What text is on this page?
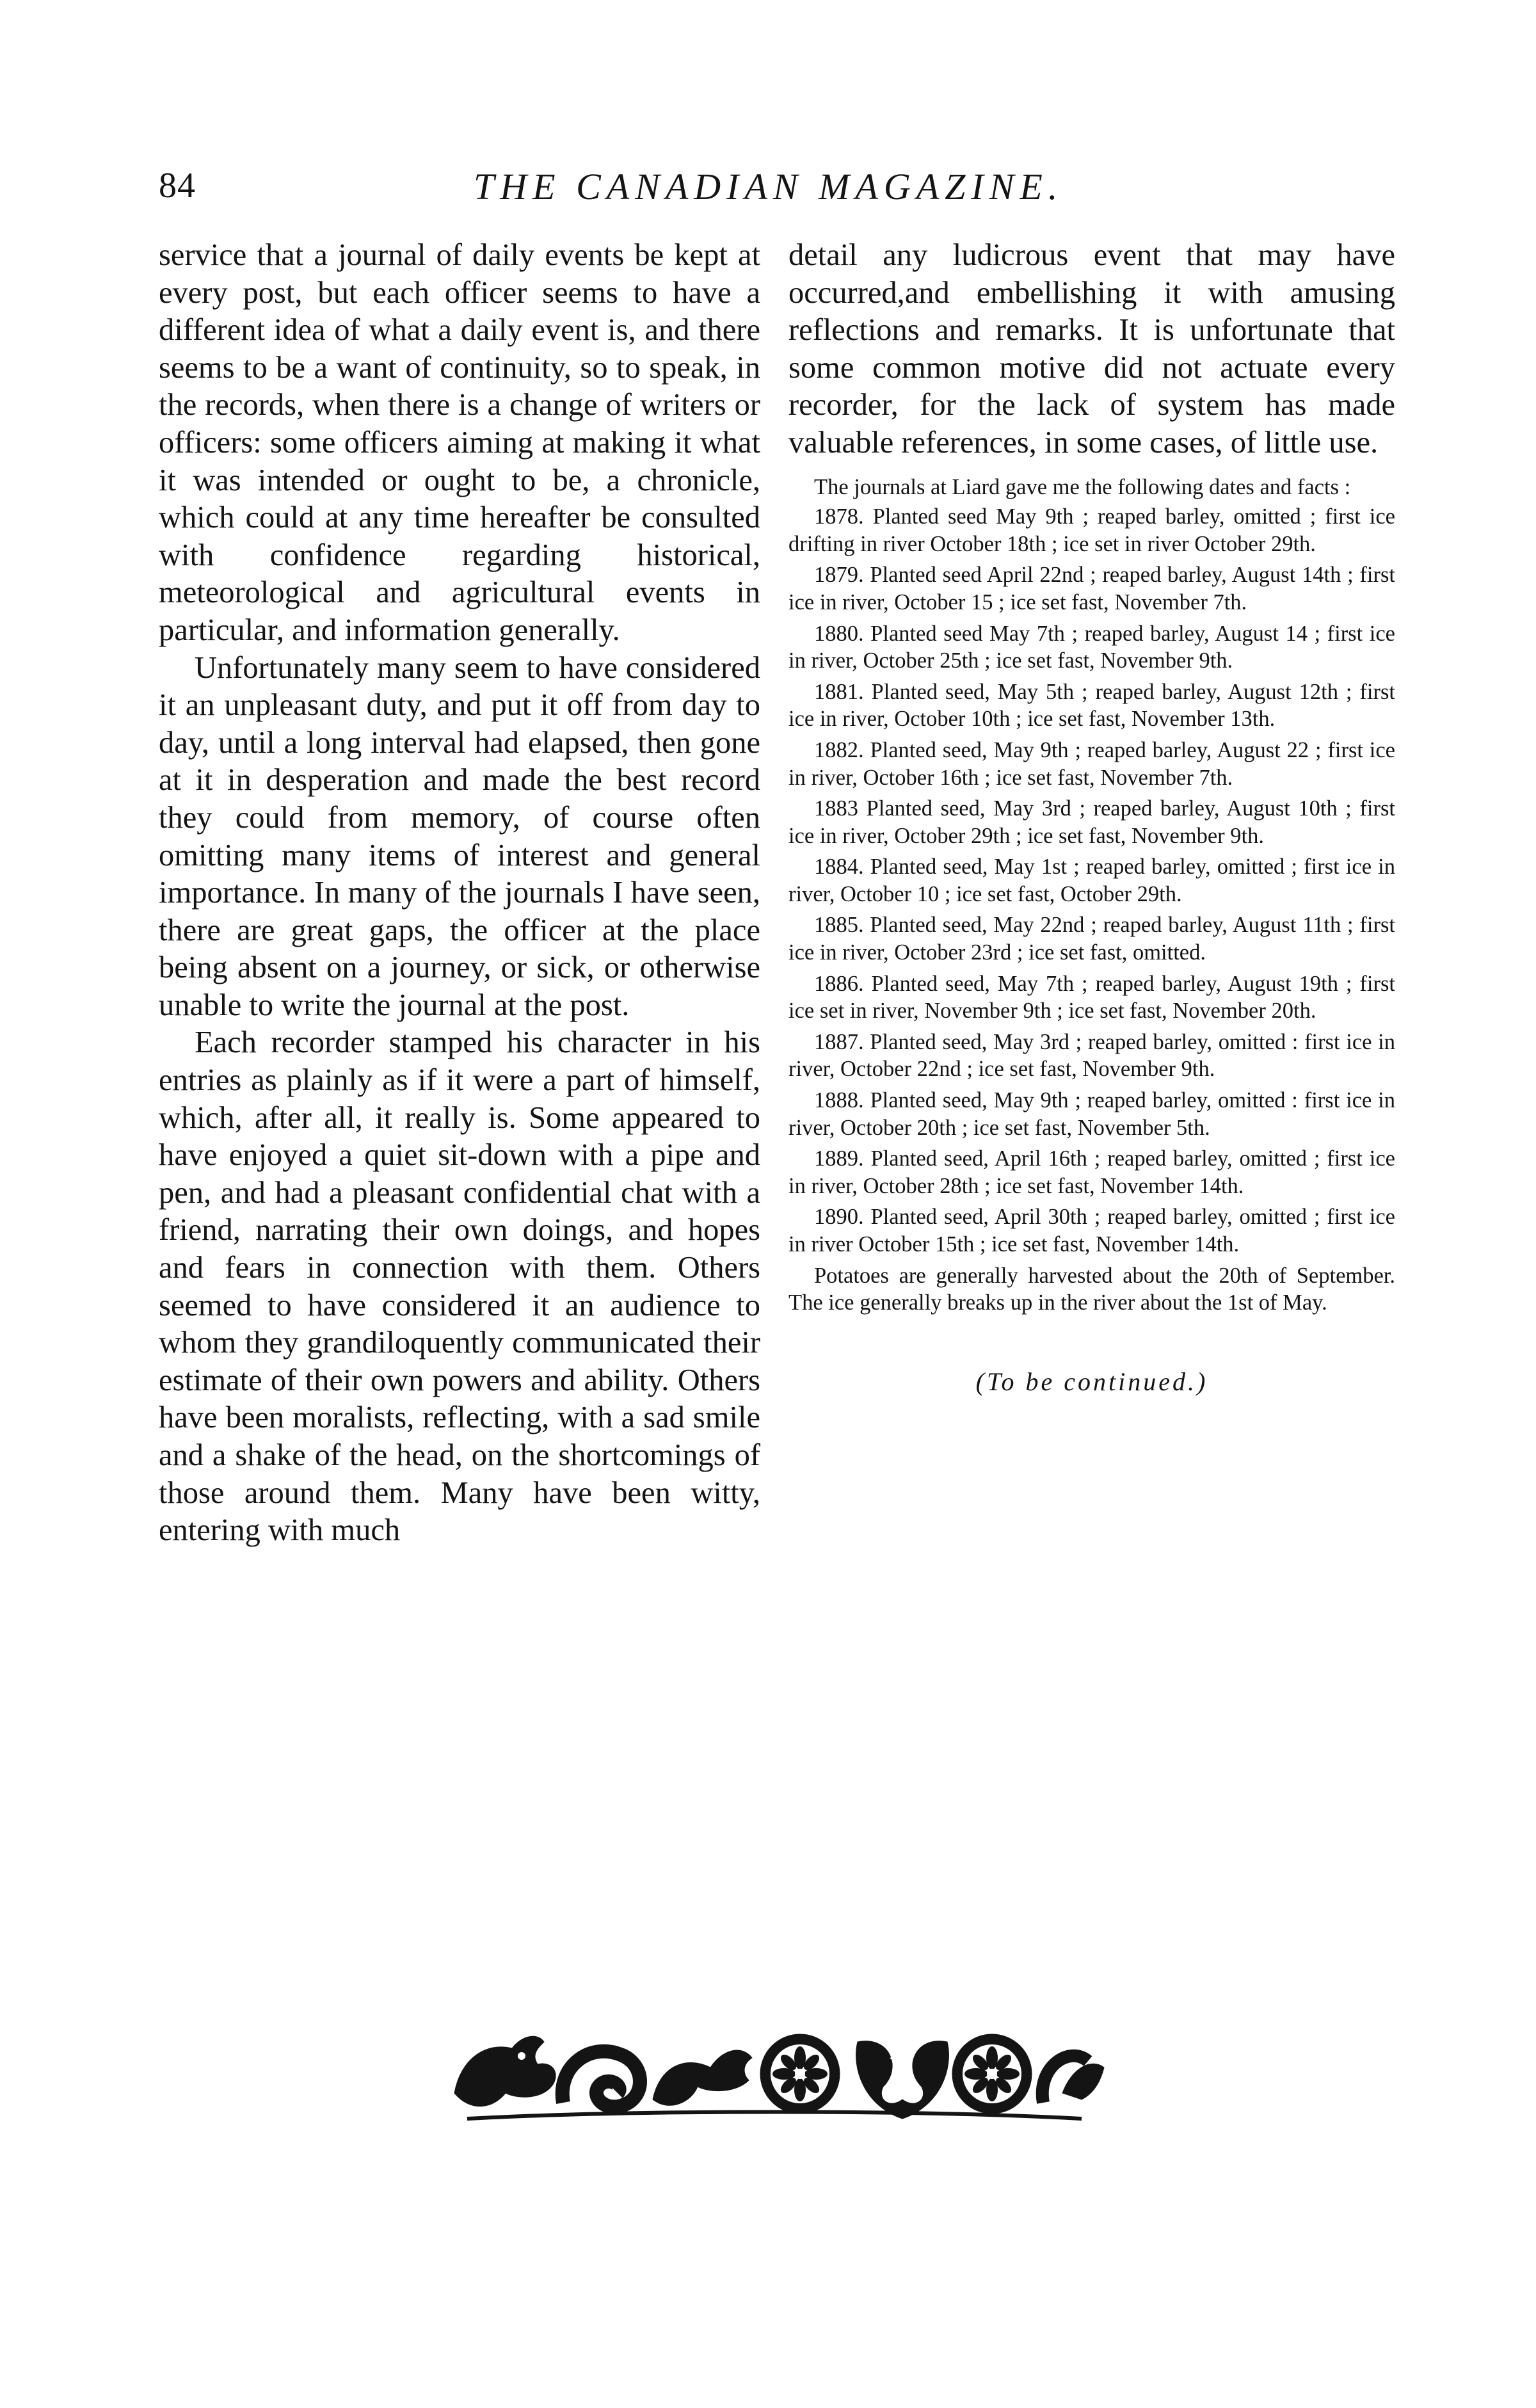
84	THE CANADIAN MAGAZINE.

service that a journal of daily events be kept at every post, but each officer seems to have a different idea of what a daily event is, and there seems to be a want of continuity, so to speak, in the records, when there is a change of writers or officers: some officers aiming at making it what it was intended or ought to be, a chronicle, which could at any time hereafter be consulted with confidence regarding historical, meteorological and agricultural events in particular, and information generally.

Unfortunately many seem to have considered it an unpleasant duty, and put it off from day to day, until a long interval had elapsed, then gone at it in desperation and made the best record they could from memory, of course often omitting many items of interest and general importance. In many of the journals I have seen, there are great gaps, the officer at the place being absent on a journey, or sick, or otherwise unable to write the journal at the post.

Each recorder stamped his character in his entries as plainly as if it were a part of himself, which, after all, it really is. Some appeared to have enjoyed a quiet sit-down with a pipe and pen, and had a pleasant confidential chat with a friend, narrating their own doings, and hopes and fears in connection with them. Others seemed to have considered it an audience to whom they grandiloquently communicated their estimate of their own powers and ability. Others have been moralists, reflecting, with a sad smile and a shake of the head, on the shortcomings of those around them. Many have been witty, entering with much

detail any ludicrous event that may have occurred,and embellishing it with amusing reflections and remarks. It is unfortunate that some common motive did not actuate every recorder, for the lack of system has made valuable references, in some cases, of little use.

The journals at Liard gave me the following dates and facts :

1878. Planted seed May 9th ; reaped barley, omitted ; first ice drifting in river October 18th ; ice set in river October 29th.

1879. Planted seed April 22nd ; reaped barley, August 14th ; first ice in river, October 15 ; ice set fast, November 7th.

1880. Planted seed May 7th ; reaped barley, August 14 ; first ice in river, October 25th ; ice set fast, November 9th.

1881. Planted seed, May 5th ; reaped barley, August 12th ; first ice in river, October 10th ; ice set fast, November 13th.

1882. Planted seed, May 9th ; reaped barley, August 22 ; first ice in river, October 16th ; ice set fast, November 7th.

1883 Planted seed, May 3rd ; reaped barley, August 10th ; first ice in river, October 29th ; ice set fast, November 9th.

1884. Planted seed, May 1st ; reaped barley, omitted ; first ice in river, October 10 ; ice set fast, October 29th.

1885. Planted seed, May 22nd ; reaped barley, August 11th ; first ice in river, October 23rd ; ice set fast, omitted.

1886. Planted seed, May 7th ; reaped barley, August 19th ; first ice set in river, November 9th ; ice set fast, November 20th.

1887. Planted seed, May 3rd ; reaped barley, omitted : first ice in river, October 22nd ; ice set fast, November 9th.

1888. Planted seed, May 9th ; reaped barley, omitted : first ice in river, October 20th ; ice set fast, November 5th.

1889. Planted seed, April 16th ; reaped barley, omitted ; first ice in river, October 28th ; ice set fast, November 14th.

1890. Planted seed, April 30th ; reaped barley, omitted ; first ice in river October 15th ; ice set fast, November 14th.

Potatoes are generally harvested about the 20th of September. The ice generally breaks up in the river about the 1st of May.

(To be continued.)
